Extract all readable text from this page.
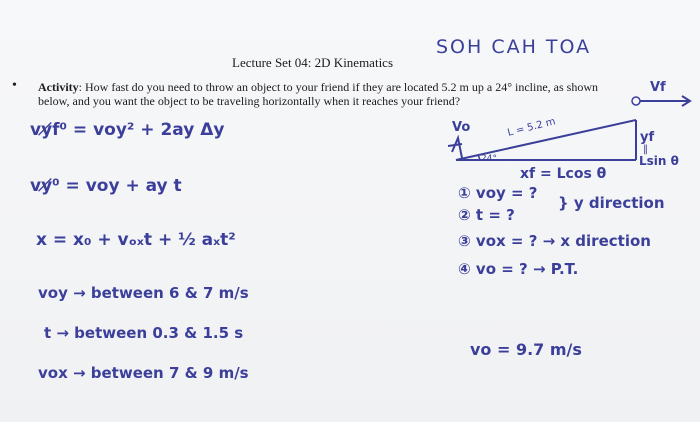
SOH CAH TOA
Lecture Set 04: 2D Kinematics
• Activity: How fast do you need to throw an object to your friend if they are located 5.2 m up a 24° incline, as shown below, and you want the object to be traveling horizontally when it reaches your friend?
vy̸f⁰ = voy² + 2ay Δy
vy̸⁰ = voy + ay t
x = x₀ + vₒₓt + ½ aₓt²
voy → between 6 & 7 m/s
t → between 0.3 & 1.5 s
vox → between 7 & 9 m/s
Vf
Vo	L = 5.2 m
24°
yf
‖
Lsin θ
xf = Lcos θ
① voy = ?
② t = ?
} y direction
③ vox = ? → x direction
④ vo = ? → P.T.
vo = 9.7 m/s
